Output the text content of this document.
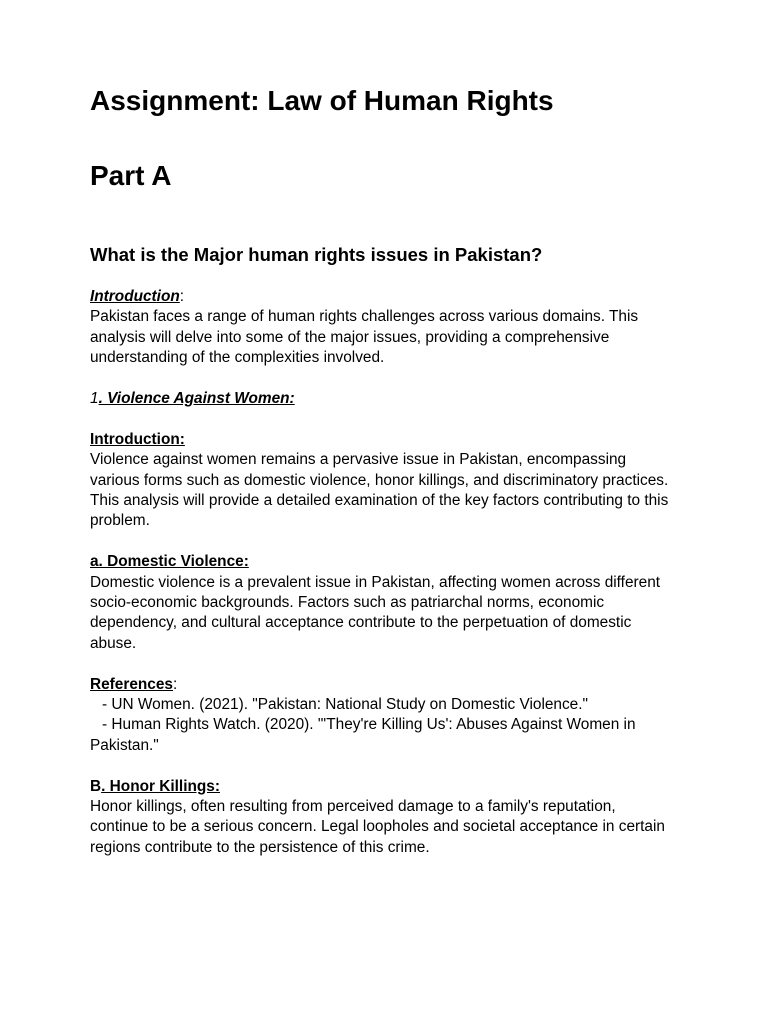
Assignment: Law of Human Rights
Part A
What is the Major human rights issues in Pakistan?

Introduction:

Pakistan faces a range of human rights challenges across various domains. This analysis will delve into some of the major issues, providing a comprehensive understanding of the complexities involved.

1. Violence Against Women:

Introduction:

Violence against women remains a pervasive issue in Pakistan, encompassing various forms such as domestic violence, honor killings, and discriminatory practices. This analysis will provide a detailed examination of the key factors contributing to this problem.

a. Domestic Violence:

Domestic violence is a prevalent issue in Pakistan, affecting women across different socio-economic backgrounds. Factors such as patriarchal norms, economic dependency, and cultural acceptance contribute to the perpetuation of domestic abuse.

References:

- UN Women. (2021). "Pakistan: National Study on Domestic Violence."

- Human Rights Watch. (2020). "'They're Killing Us': Abuses Against Women in Pakistan."

B. Honor Killings:

Honor killings, often resulting from perceived damage to a family's reputation, continue to be a serious concern. Legal loopholes and societal acceptance in certain regions contribute to the persistence of this crime.
